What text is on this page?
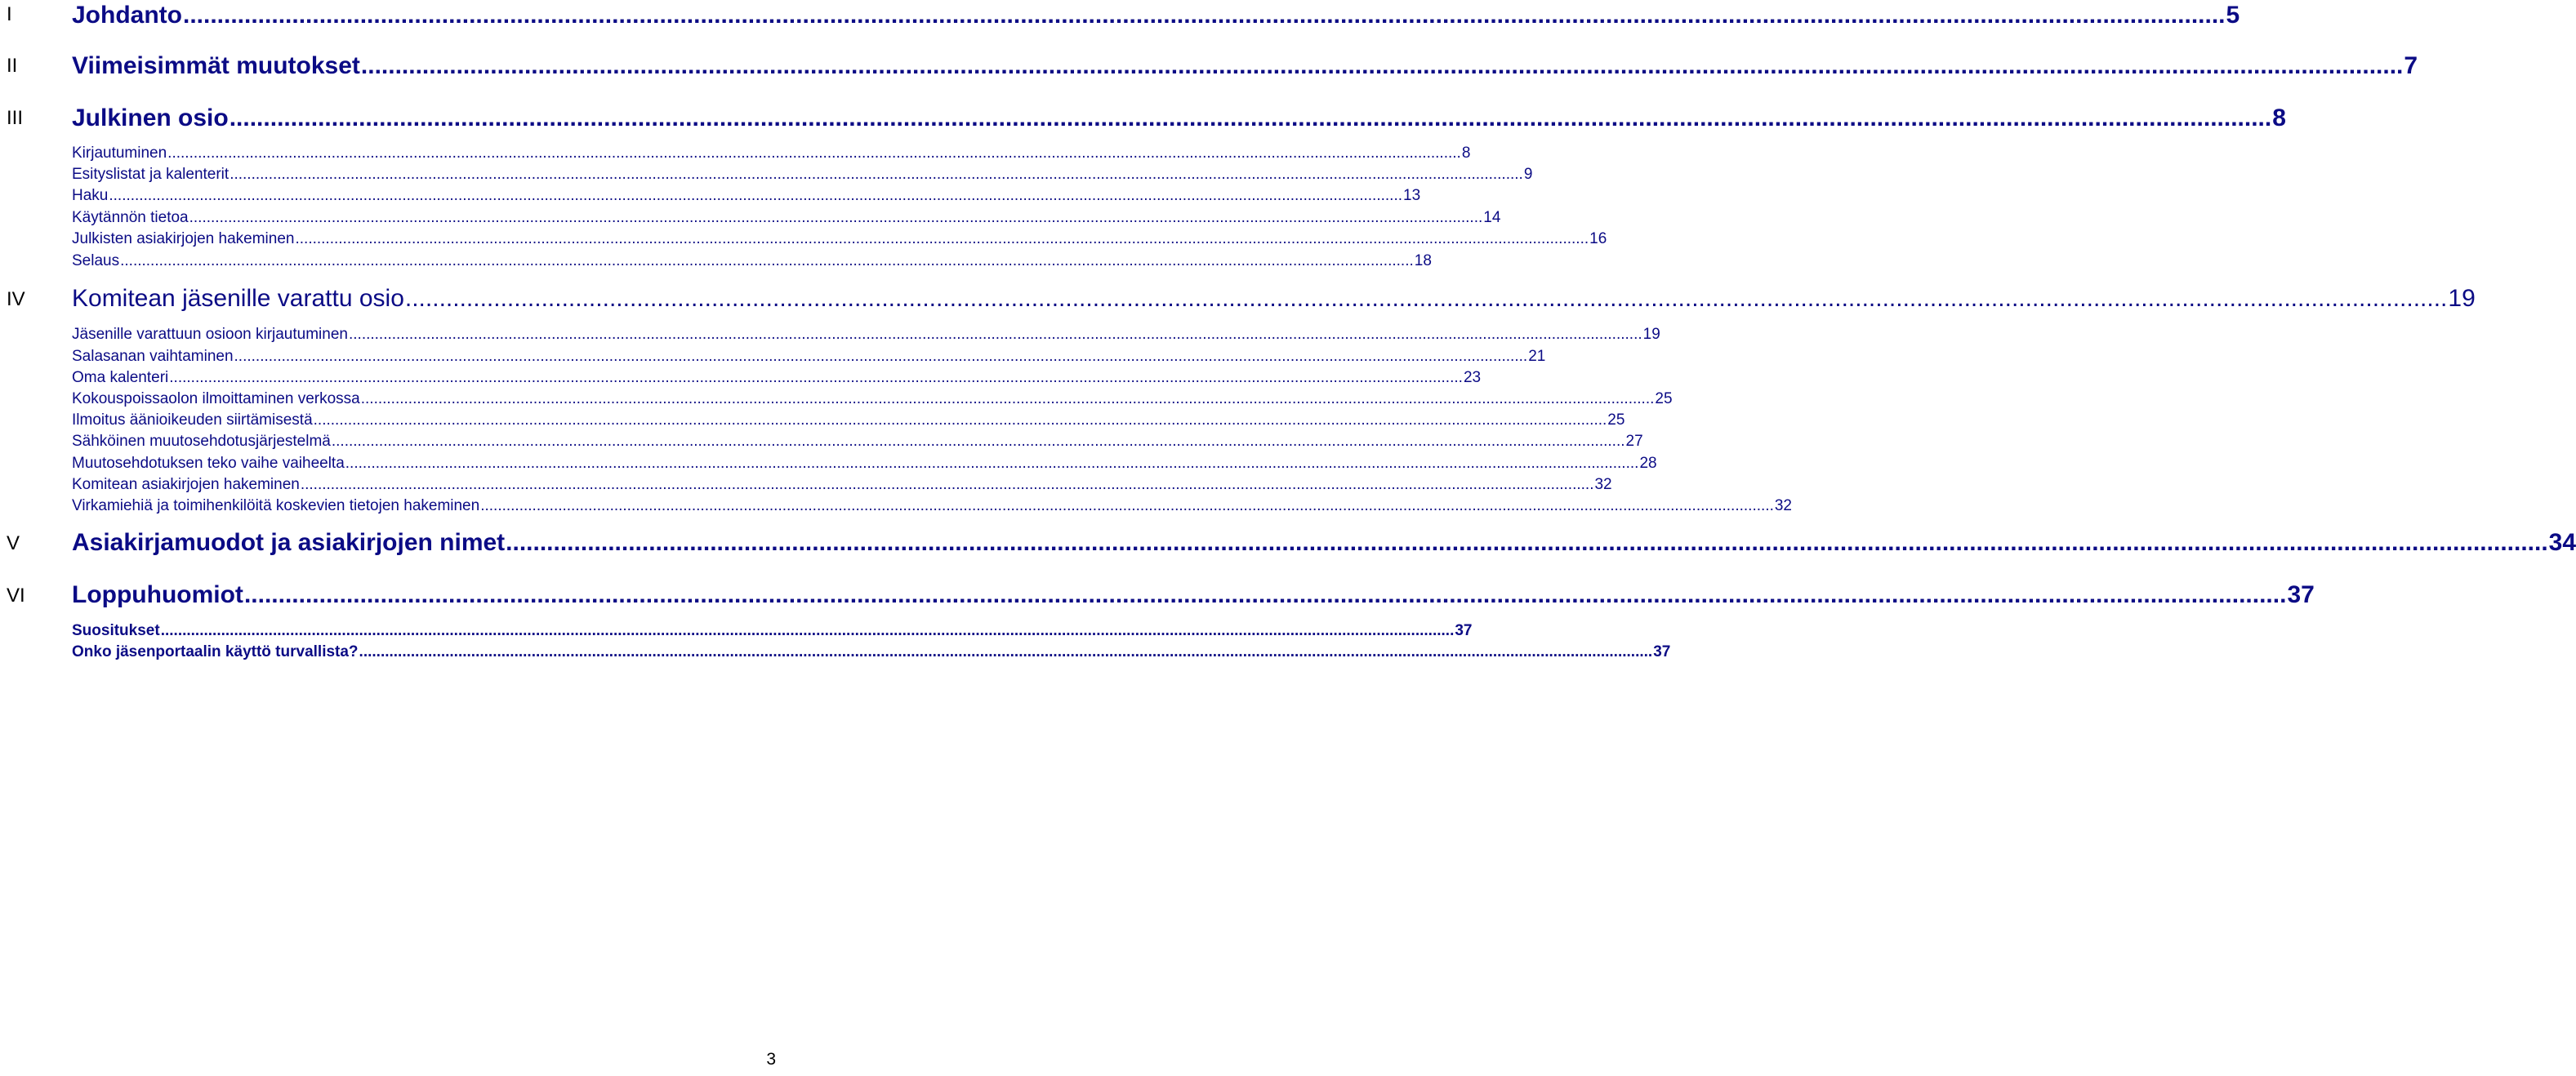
I Johdanto ............................................................................................................................................................................................................................................................................................................ 5
II Viimeisimmät muutokset ............................................................................................................................................................................................................................................................................................................ 7
III Julkinen osio ............................................................................................................................................................................................................................................................................................................ 8
Kirjautuminen ............................................................................................................................................................................................................................................................................................................ 8
Esityslistat ja kalenterit ............................................................................................................................................................................................................................................................................................................ 9
Haku ............................................................................................................................................................................................................................................................................................................ 13
Käytännön tietoa ............................................................................................................................................................................................................................................................................................................ 14
Julkisten asiakirjojen hakeminen ............................................................................................................................................................................................................................................................................................................ 16
Selaus ............................................................................................................................................................................................................................................................................................................ 18
IV Komitean jäsenille varattu osio ............................................................................................................................................................................................................................................................................................................ 19
Jäsenille varattuun osioon kirjautuminen ............................................................................................................................................................................................................................................................................................................ 19
Salasanan vaihtaminen ............................................................................................................................................................................................................................................................................................................ 21
Oma kalenteri ............................................................................................................................................................................................................................................................................................................ 23
Kokouspoissaolon ilmoittaminen verkossa ............................................................................................................................................................................................................................................................................................................ 25
Ilmoitus äänioikeuden siirtämisestä ............................................................................................................................................................................................................................................................................................................ 25
Sähköinen muutosehdotusjärjestelmä ............................................................................................................................................................................................................................................................................................................ 27
Muutosehdotuksen teko vaihe vaiheelta ............................................................................................................................................................................................................................................................................................................ 28
Komitean asiakirjojen hakeminen ............................................................................................................................................................................................................................................................................................................ 32
Virkamiehiä ja toimihenkilöitä koskevien tietojen hakeminen ............................................................................................................................................................................................................................................................................................................ 32
V Asiakirjamuodot ja asiakirjojen nimet ............................................................................................................................................................................................................................................................................................................ 34
VI Loppuhuomiot ............................................................................................................................................................................................................................................................................................................ 37
Suositukset ............................................................................................................................................................................................................................................................................................................ 37
Onko jäsenportaalin käyttö turvallista? ............................................................................................................................................................................................................................................................................................................ 37
3
